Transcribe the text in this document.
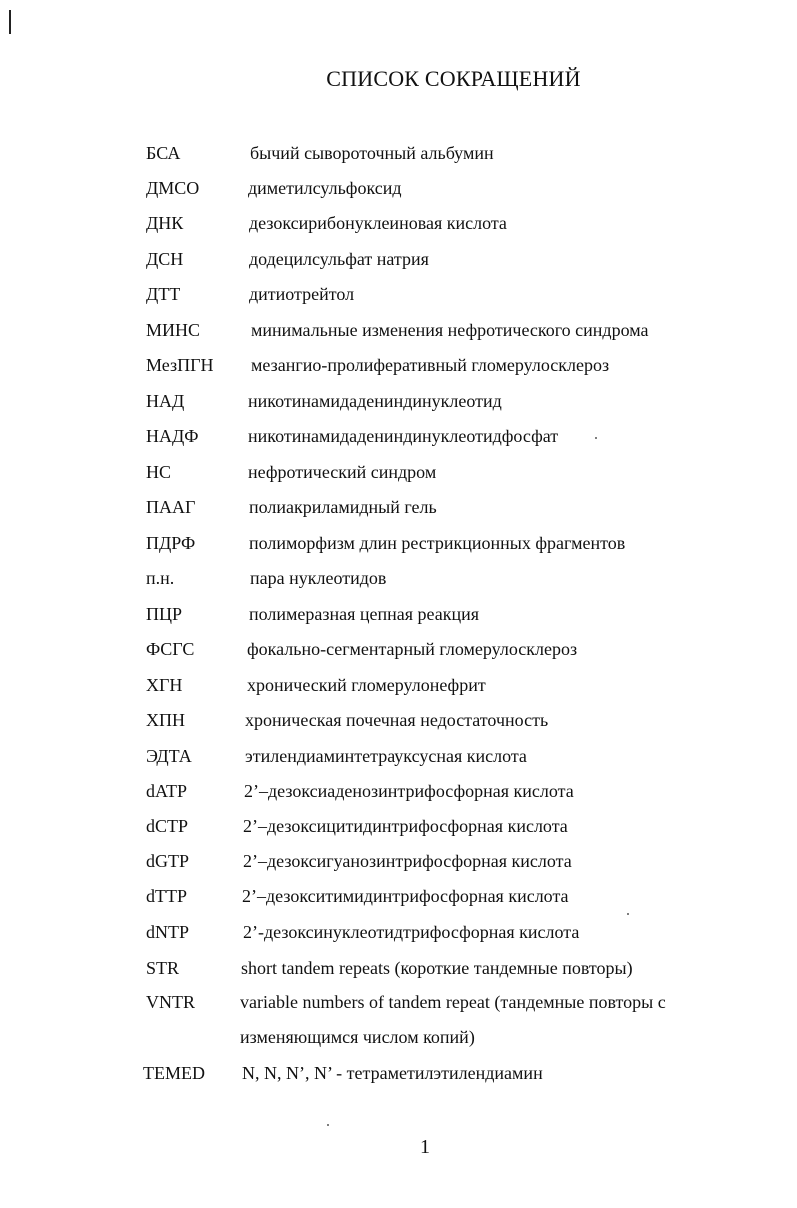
СПИСОК СОКРАЩЕНИЙ
БСА	бычий сывороточный альбумин
ДМСО	диметилсульфоксид
ДНК	дезоксирибонуклеиновая кислота
ДСН	додецилсульфат натрия
ДТТ	дитиотрейтол
МИНС	минимальные изменения нефротического синдрома
МезПГН мезангио-пролиферативный гломерулосклероз
НАД	никотинамидадениндинуклеотид
НАДФ	никотинамидадениндинуклеотидфосфат
НС	нефротический синдром
ПААГ	полиакриламидный гель
ПДРФ	полиморфизм длин рестрикционных фрагментов
п.н.	пара нуклеотидов
ПЦР	полимеразная цепная реакция
ФСГС	фокально-сегментарный гломерулосклероз
ХГН	хронический гломерулонефрит
ХПН	хроническая почечная недостаточность
ЭДТА	этилендиаминтетрауксусная кислота
dATP	2’–дезоксиаденозинтрифосфорная кислота
dCTP	2’–дезоксицитидинтрифосфорная кислота
dGTP	2’–дезоксигуанозинтрифосфорная кислота
dTTP	2’–дезокситимидинтрифосфорная кислота
dNTP	2’-дезоксинуклеотидтрифосфорная кислота
STR	short tandem repeats (короткие тандемные повторы)
VNTR	variable numbers of tandem repeat (тандемные повторы с
изменяющимся числом копий)
TEMED N, N, N’, N’ - тетраметилэтилендиамин
1
